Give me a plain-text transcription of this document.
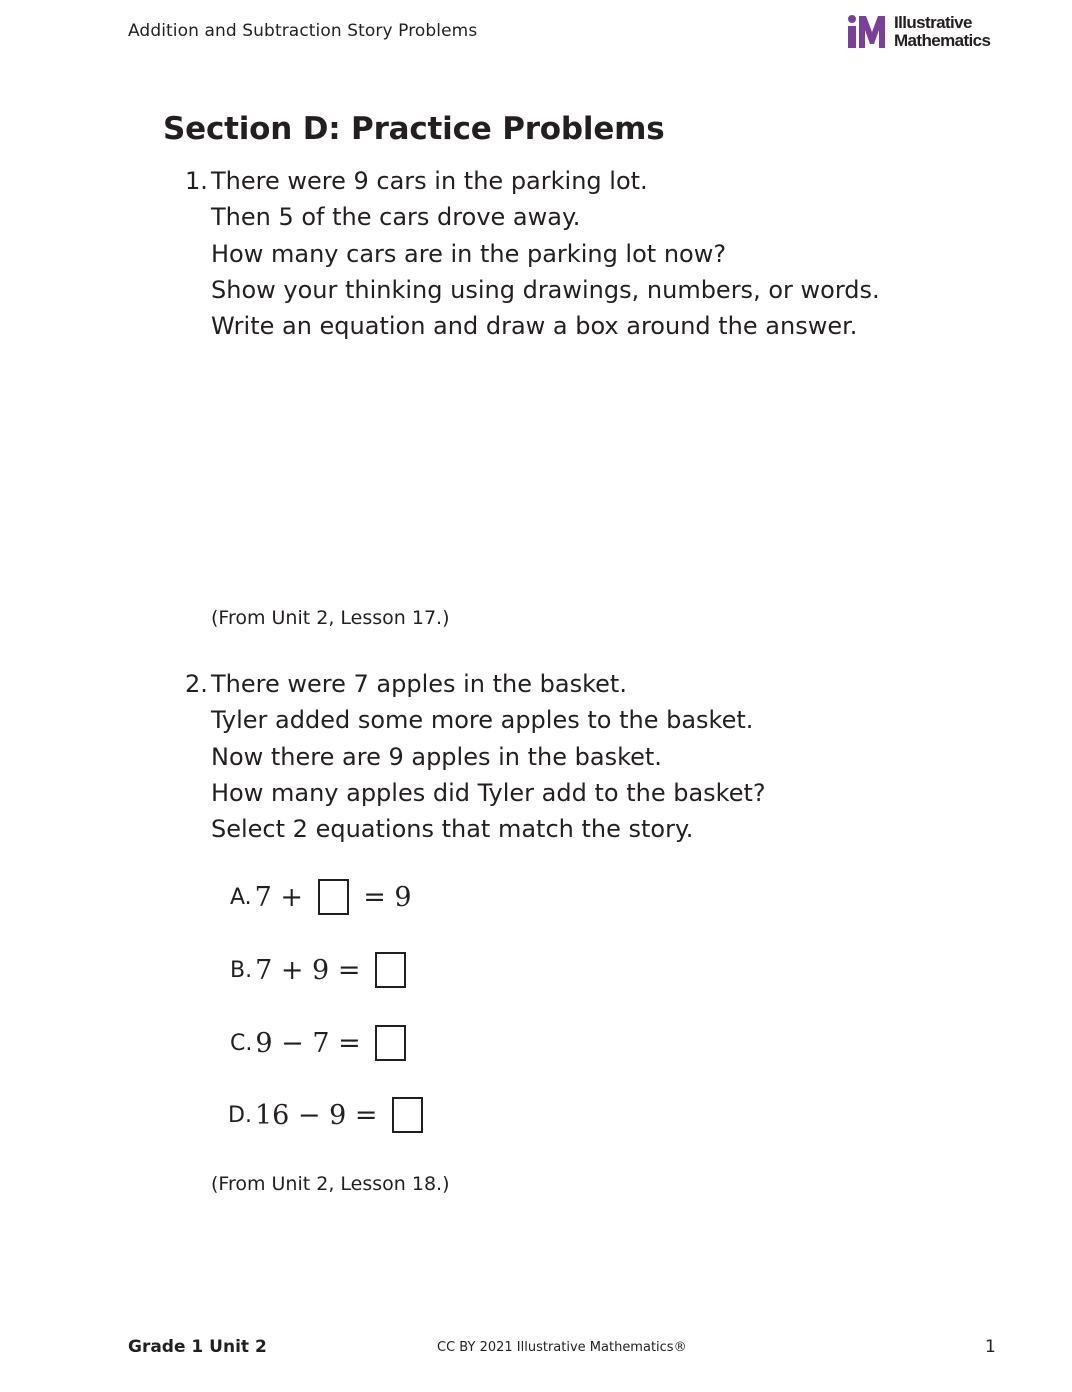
Addition and Subtraction Story Problems	Illustrative
Mathematics
Section D: Practice Problems
1. There were 9 cars in the parking lot.
Then 5 of the cars drove away.
How many cars are in the parking lot now?
Show your thinking using drawings, numbers, or words.
Write an equation and draw a box around the answer.
(From Unit 2, Lesson 17.)
2. There were 7 apples in the basket.
Tyler added some more apples to the basket.
Now there are 9 apples in the basket.
How many apples did Tyler add to the basket?
Select 2 equations that match the story.
A. 7 + = 9
B. 7 + 9 =
C. 9 − 7 =
D. 16 − 9 =
(From Unit 2, Lesson 18.)
Grade 1 Unit 2	CC BY 2021 Illustrative Mathematics®	1
